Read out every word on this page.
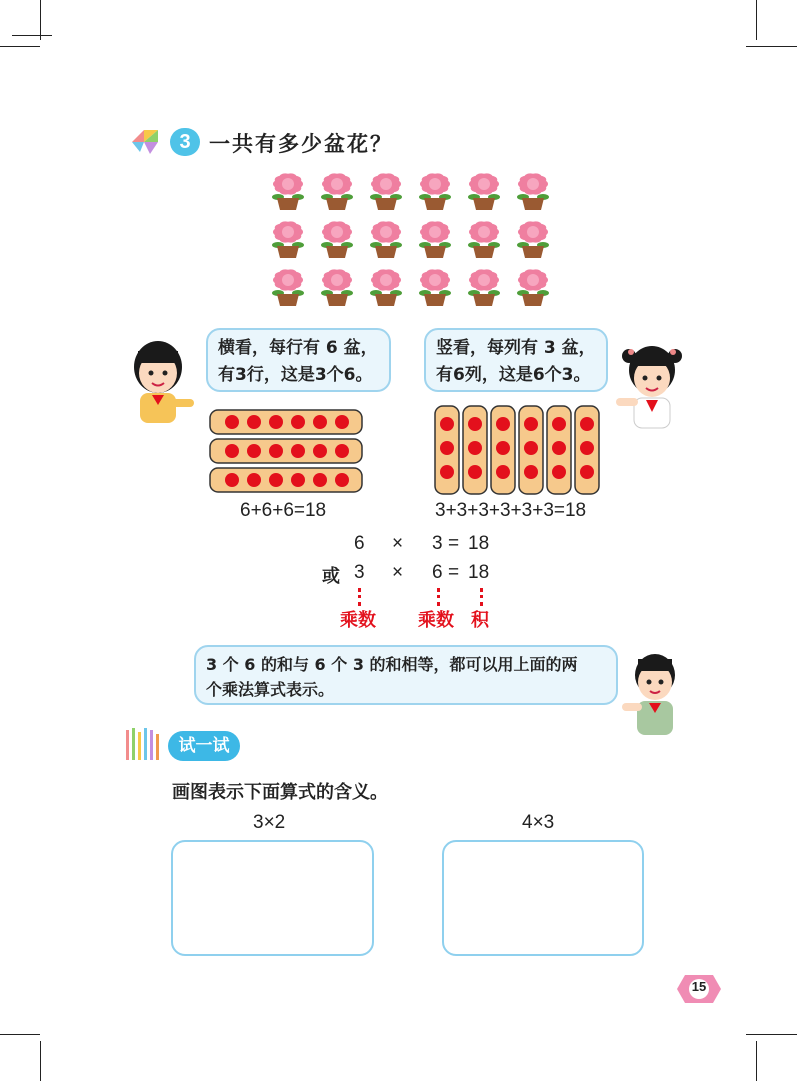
3 一共有多少盆花？
横看，每行有 6 盆，
有3行，这是3个6。
竖看，每列有 3 盆，
有6列，这是6个3。
6+6+6=18	3+3+3+3+3+3=18
6 × 3 = 18
或 3 × 6 = 18
乘数 乘数 积
3 个 6 的和与 6 个 3 的和相等，都可以用上面的两
个乘法算式表示。
试一试
画图表示下面算式的含义。
3×2	4×3
15
